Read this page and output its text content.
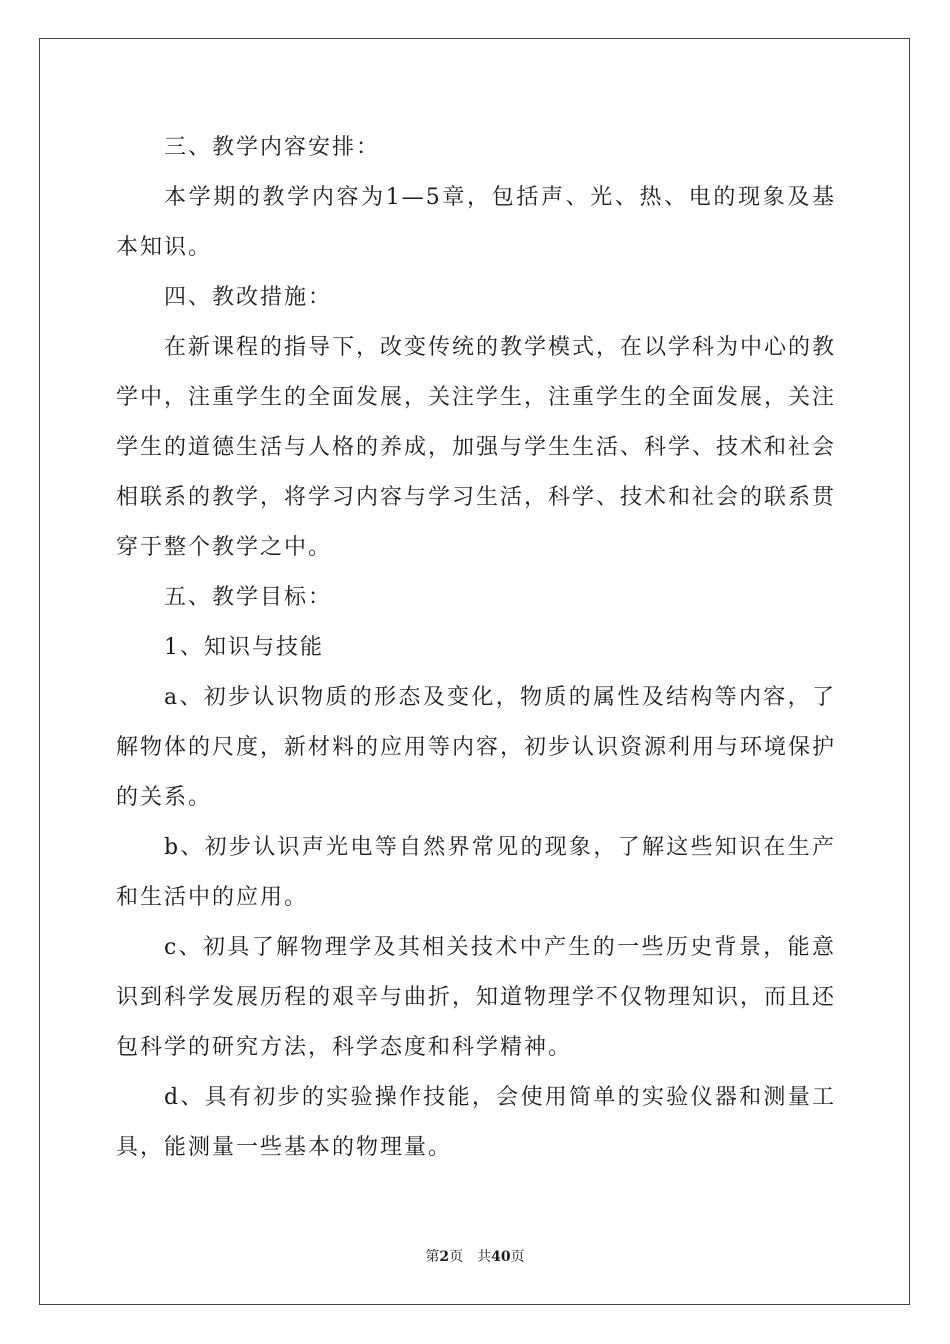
三、教学内容安排：

本学期的教学内容为1—5章，包括声、光、热、电的现象及基本知识。

四、教改措施：

在新课程的指导下，改变传统的教学模式，在以学科为中心的教学中，注重学生的全面发展，关注学生，注重学生的全面发展，关注学生的道德生活与人格的养成，加强与学生生活、科学、技术和社会相联系的教学，将学习内容与学习生活，科学、技术和社会的联系贯穿于整个教学之中。

五、教学目标：

1、知识与技能

a、初步认识物质的形态及变化，物质的属性及结构等内容，了解物体的尺度，新材料的应用等内容，初步认识资源利用与环境保护的关系。

b、初步认识声光电等自然界常见的现象，了解这些知识在生产和生活中的应用。

c、初具了解物理学及其相关技术中产生的一些历史背景，能意识到科学发展历程的艰辛与曲折，知道物理学不仅物理知识，而且还包科学的研究方法，科学态度和科学精神。

d、具有初步的实验操作技能，会使用简单的实验仪器和测量工具，能测量一些基本的物理量。

第2页 共40页
